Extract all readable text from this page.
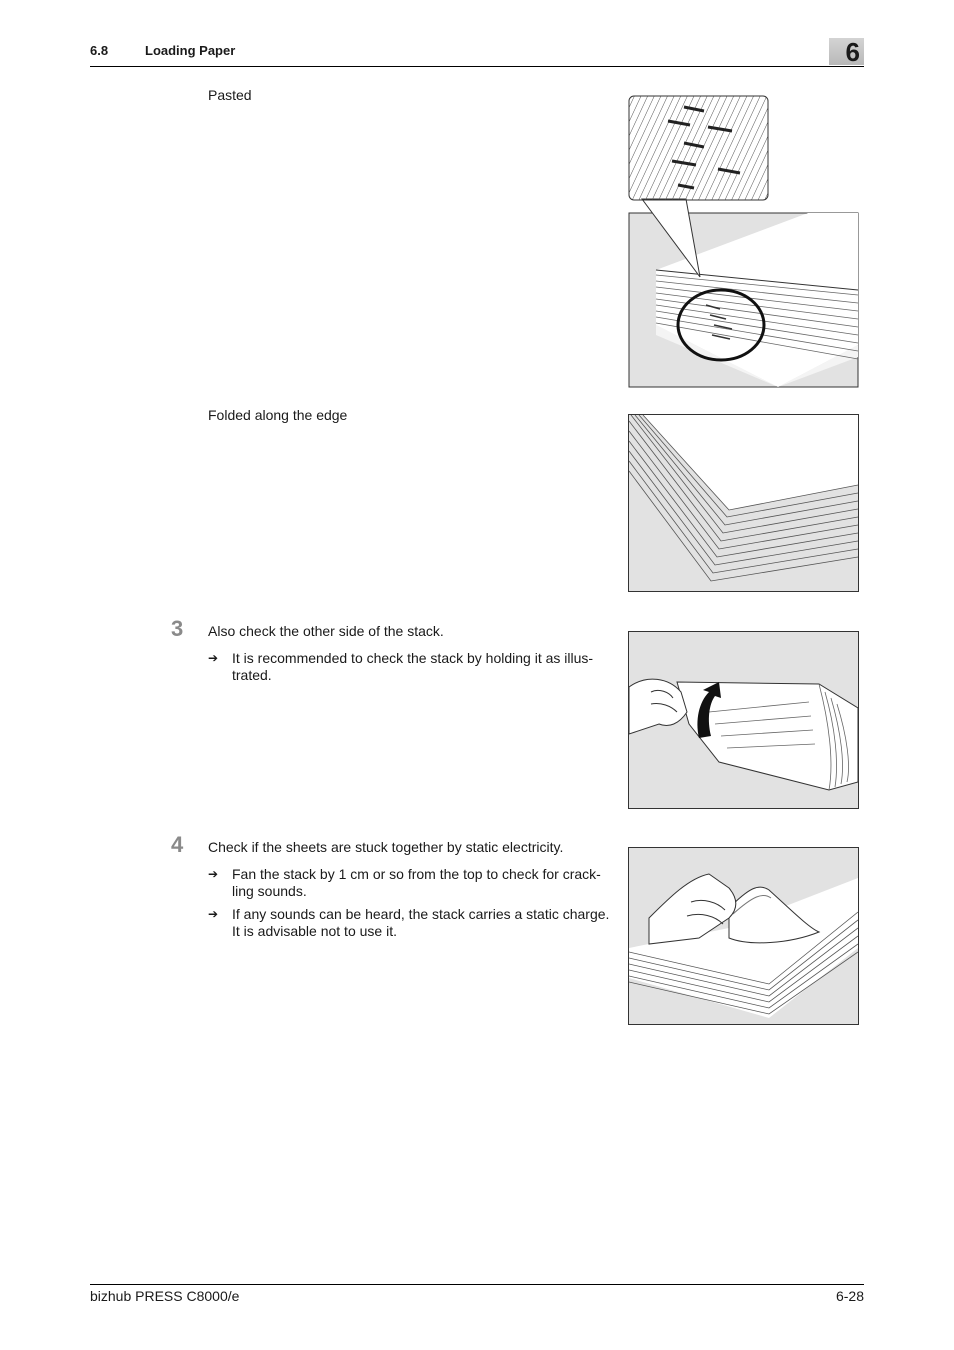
6.8	Loading Paper	6
Pasted
Folded along the edge
3 Also check the other side of the stack.
➔ It is recommended to check the stack by holding it as illus-trated.
4 Check if the sheets are stuck together by static electricity.
➔ Fan the stack by 1 cm or so from the top to check for crack-ling sounds.
➔ If any sounds can be heard, the stack carries a static charge. It is advisable not to use it.
bizhub PRESS C8000/e	6-28
